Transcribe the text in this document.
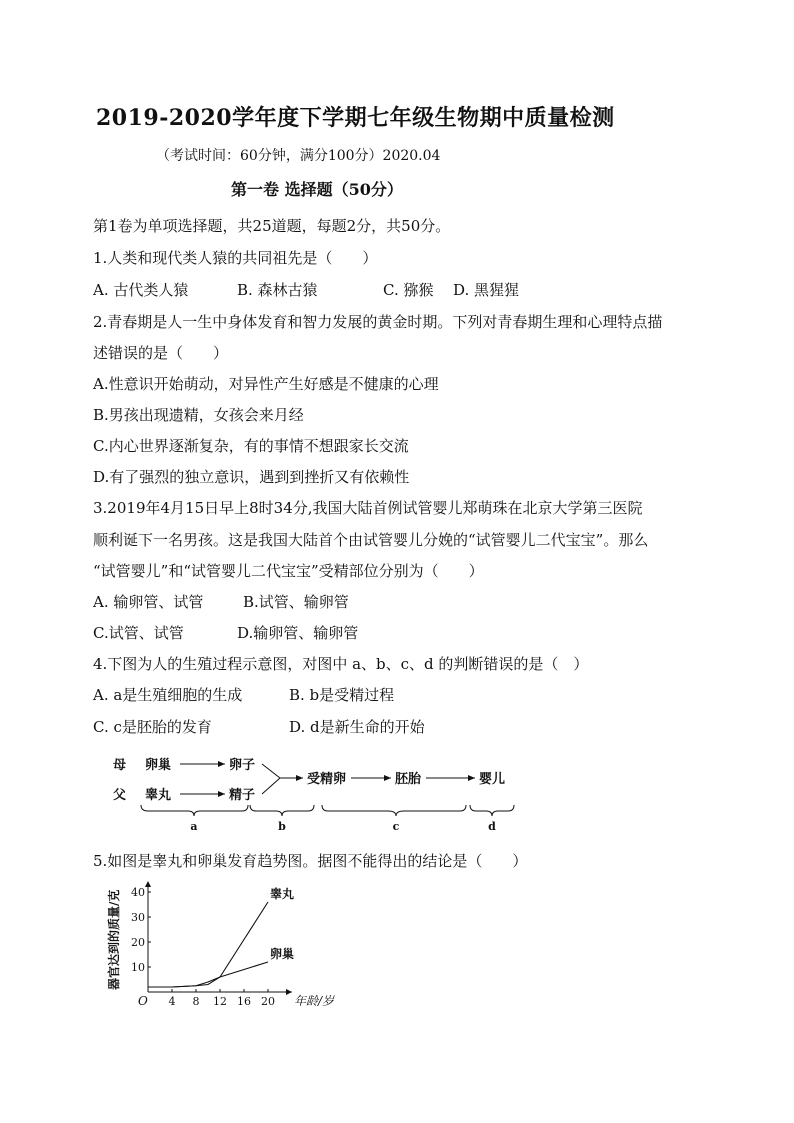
2019-2020学年度下学期七年级生物期中质量检测
（考试时间：60分钟，满分100分）2020.04
第一卷 选择题（50分）
第1卷为单项选择题，共25道题，每题2分，共50分。
1.人类和现代类人猿的共同祖先是（　　）
A. 古代类人猿	B. 森林古猿	C. 猕猴 D. 黑猩猩
2.青春期是人一生中身体发育和智力发展的黄金时期。下列对青春期生理和心理特点描
述错误的是（　　）
A.性意识开始萌动，对异性产生好感是不健康的心理
B.男孩出现遗精，女孩会来月经
C.内心世界逐渐复杂，有的事情不想跟家长交流
D.有了强烈的独立意识，遇到到挫折又有依赖性
3.2019年4月15日早上8时34分,我国大陆首例试管婴儿郑萌珠在北京大学第三医院
顺利诞下一名男孩。这是我国大陆首个由试管婴儿分娩的“试管婴儿二代宝宝”。那么
“试管婴儿”和“试管婴儿二代宝宝”受精部位分别为（　　）
A. 输卵管、试管	B.试管、输卵管
C.试管、试管	D.输卵管、输卵管
4.下图为人的生殖过程示意图，对图中 a、b、c、d 的判断错误的是（　）
A. a是生殖细胞的生成	B. b是受精过程
C. c是胚胎的发育	D. d是新生命的开始
母
父
卵巢
睾丸
卵子
精子
受精卵	胚胎	婴儿
a	b	c	d
5.如图是睾丸和卵巢发育趋势图。据图不能得出的结论是（　　）
O 4 8 12 16 20
10
20
30
40
年龄/岁
器官达到的质量/克	睾丸
卵巢
